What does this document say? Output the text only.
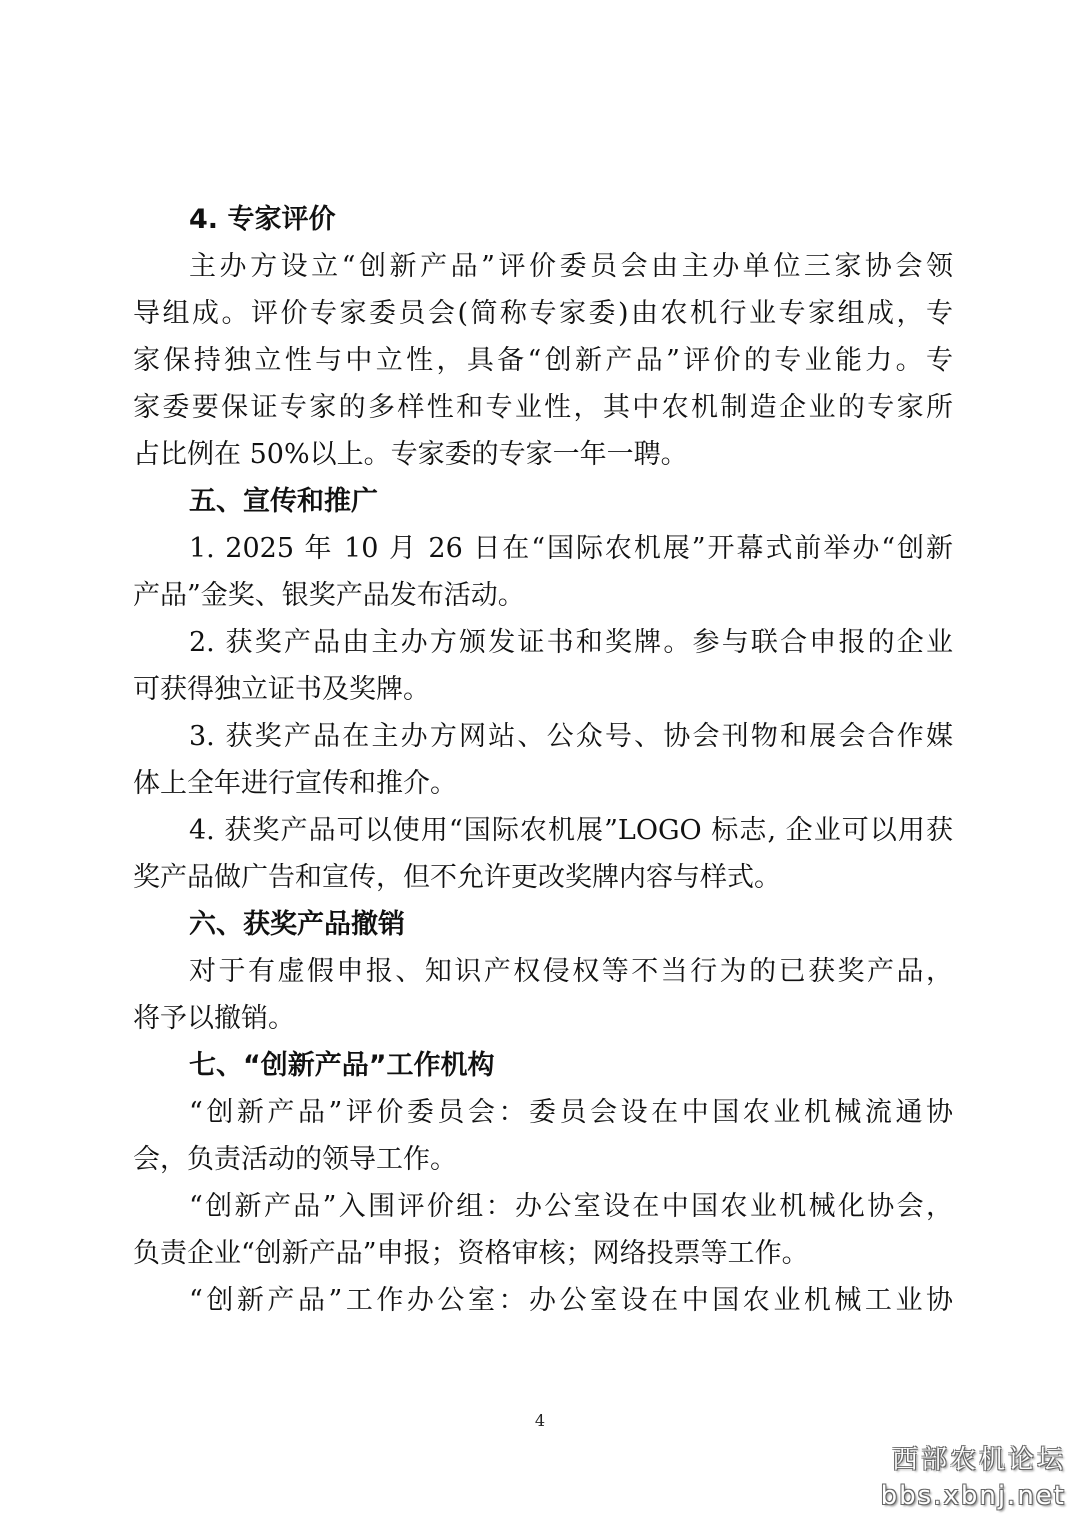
4. 专家评价

主办方设立“创新产品”评价委员会由主办单位三家协会领
导组成。评价专家委员会(简称专家委)由农机行业专家组成，专
家保持独立性与中立性，具备“创新产品”评价的专业能力。专
家委要保证专家的多样性和专业性，其中农机制造企业的专家所
占比例在 50%以上。专家委的专家一年一聘。

五、宣传和推广

1. 2025 年 10 月 26 日在“国际农机展”开幕式前举办“创新
产品”金奖、银奖产品发布活动。

2. 获奖产品由主办方颁发证书和奖牌。参与联合申报的企业
可获得独立证书及奖牌。

3. 获奖产品在主办方网站、公众号、协会刊物和展会合作媒
体上全年进行宣传和推介。

4. 获奖产品可以使用“国际农机展”LOGO 标志, 企业可以用获
奖产品做广告和宣传，但不允许更改奖牌内容与样式。

六、获奖产品撤销

对于有虚假申报、知识产权侵权等不当行为的已获奖产品，
将予以撤销。

七、“创新产品”工作机构

“创新产品”评价委员会：委员会设在中国农业机械流通协
会，负责活动的领导工作。

“创新产品”入围评价组：办公室设在中国农业机械化协会，
负责企业“创新产品”申报；资格审核；网络投票等工作。

“创新产品”工作办公室：办公室设在中国农业机械工业协

4
西部农机论坛
bbs.xbnj.net
